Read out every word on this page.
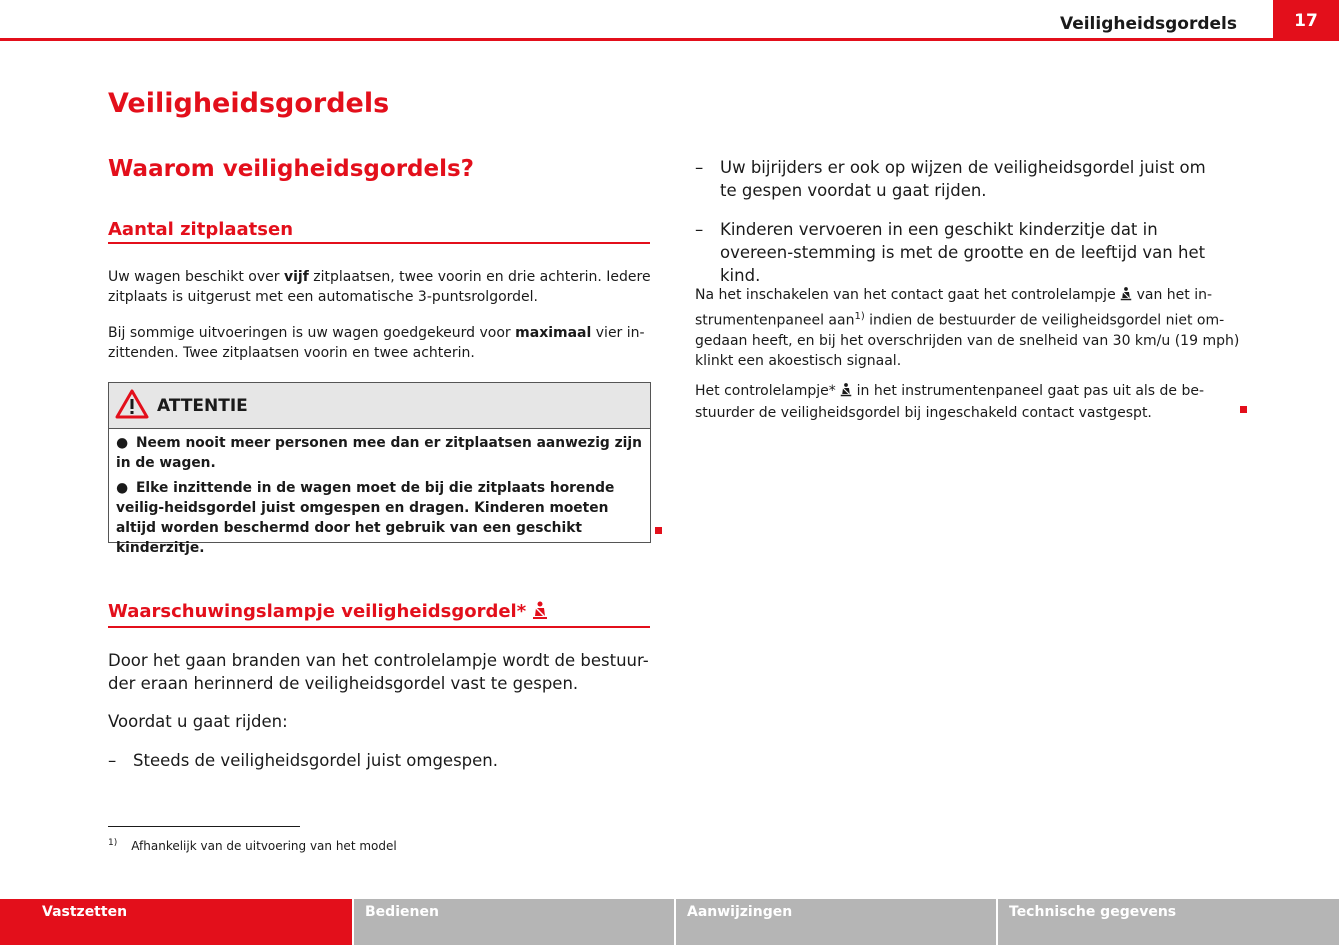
Veiligheidsgordels	17
Veiligheidsgordels
Waarom veiligheidsgordels?
Aantal zitplaatsen
Uw wagen beschikt over vijf zitplaatsen, twee voorin en drie achterin. Iedere zitplaats is uitgerust met een automatische 3-puntsrolgordel.
Bij sommige uitvoeringen is uw wagen goedgekeurd voor maximaal vier in-zittenden. Twee zitplaatsen voorin en twee achterin.
ATTENTIE

● Neem nooit meer personen mee dan er zitplaatsen aanwezig zijn in de wagen.

● Elke inzittende in de wagen moet de bij die zitplaats horende veilig-heidsgordel juist omgespen en dragen. Kinderen moeten altijd worden beschermd door het gebruik van een geschikt kinderzitje.

Waarschuwingslampje veiligheidsgordel*
Door het gaan branden van het controlelampje wordt de bestuur-der eraan herinnerd de veiligheidsgordel vast te gespen.
Voordat u gaat rijden:
–	Steeds de veiligheidsgordel juist omgespen.
–	Uw bijrijders er ook op wijzen de veiligheidsgordel juist om te gespen voordat u gaat rijden.
–	Kinderen vervoeren in een geschikt kinderzitje dat in overeen-stemming is met de grootte en de leeftijd van het kind.
Na het inschakelen van het contact gaat het controlelampje  van het in-strumentenpaneel aan$^{1)}$ indien de bestuurder de veiligheidsgordel niet om-gedaan heeft, en bij het overschrijden van de snelheid van 30 km/u (19 mph) klinkt een akoestisch signaal.
Het controlelampje*  in het instrumentenpaneel gaat pas uit als de be-stuurder de veiligheidsgordel bij ingeschakeld contact vastgespt.
$^{1)}$ Afhankelijk van de uitvoering van het model
Vastzetten	Bedienen	Aanwijzingen	Technische gegevens
